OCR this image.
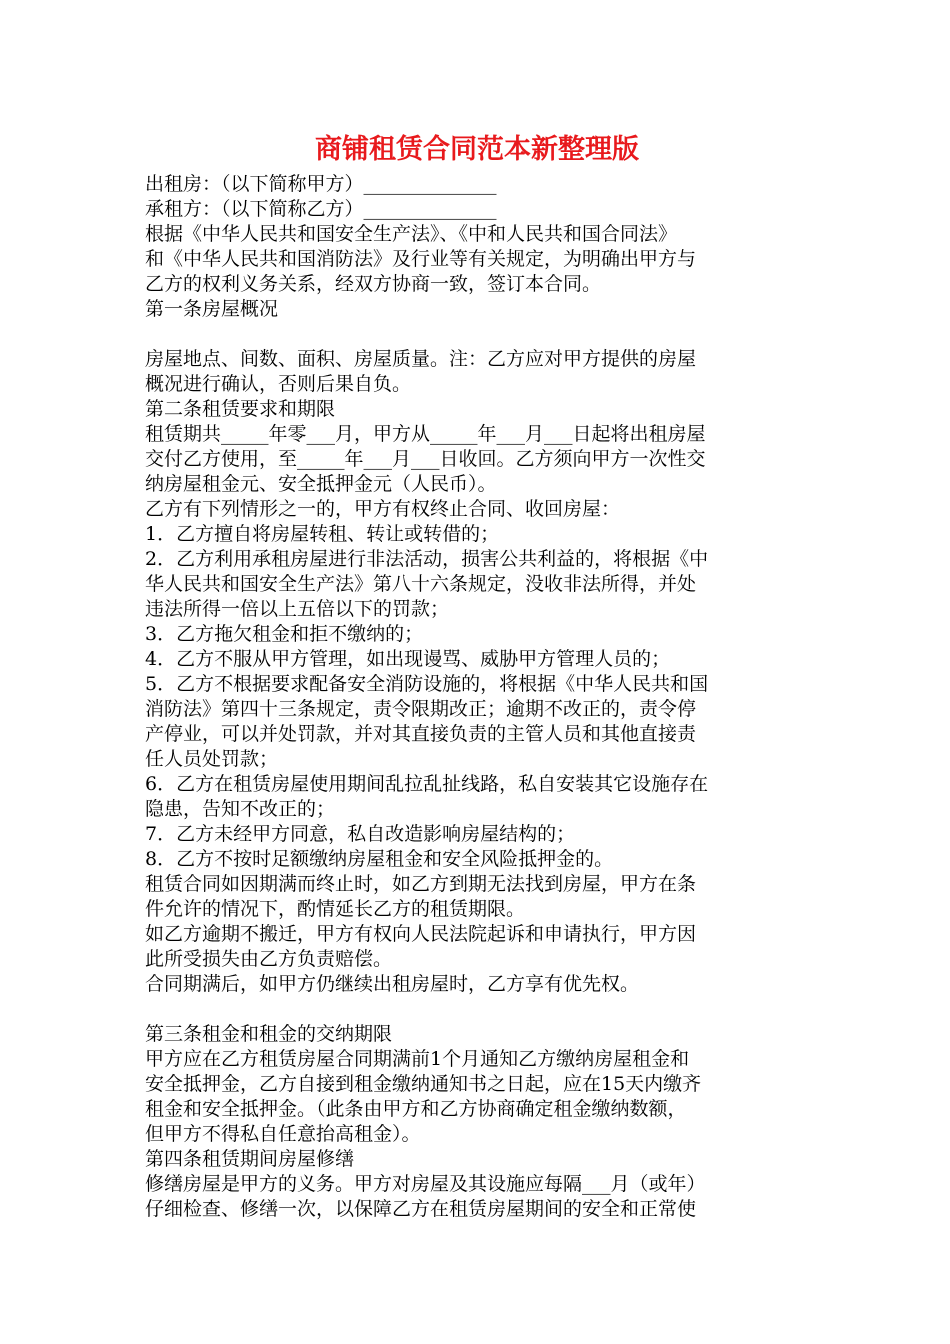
商铺租赁合同范本新整理版
出租房：（以下简称甲方）______________
承租方：（以下简称乙方）______________
根据《中华人民共和国安全生产法》、《中和人民共和国合同法》
和《中华人民共和国消防法》及行业等有关规定，为明确出甲方与
乙方的权利义务关系，经双方协商一致，签订本合同。
第一条房屋概况
房屋地点、间数、面积、房屋质量。注：乙方应对甲方提供的房屋
概况进行确认，否则后果自负。
第二条租赁要求和期限
租赁期共_____年零___月，甲方从_____年___月___日起将出租房屋
交付乙方使用，至_____年___月___日收回。乙方须向甲方一次性交
纳房屋租金元、安全抵押金元（人民币）。
乙方有下列情形之一的，甲方有权终止合同、收回房屋：
1．乙方擅自将房屋转租、转让或转借的；
2．乙方利用承租房屋进行非法活动，损害公共利益的，将根据《中
华人民共和国安全生产法》第八十六条规定，没收非法所得，并处
违法所得一倍以上五倍以下的罚款；
3．乙方拖欠租金和拒不缴纳的；
4．乙方不服从甲方管理，如出现谩骂、威胁甲方管理人员的；
5．乙方不根据要求配备安全消防设施的，将根据《中华人民共和国
消防法》第四十三条规定，责令限期改正；逾期不改正的，责令停
产停业，可以并处罚款，并对其直接负责的主管人员和其他直接责
任人员处罚款；
6．乙方在租赁房屋使用期间乱拉乱扯线路，私自安装其它设施存在
隐患，告知不改正的；
7．乙方未经甲方同意，私自改造影响房屋结构的；
8．乙方不按时足额缴纳房屋租金和安全风险抵押金的。
租赁合同如因期满而终止时，如乙方到期无法找到房屋，甲方在条
件允许的情况下，酌情延长乙方的租赁期限。
如乙方逾期不搬迁，甲方有权向人民法院起诉和申请执行，甲方因
此所受损失由乙方负责赔偿。
合同期满后，如甲方仍继续出租房屋时，乙方享有优先权。
第三条租金和租金的交纳期限
甲方应在乙方租赁房屋合同期满前1个月通知乙方缴纳房屋租金和
安全抵押金，乙方自接到租金缴纳通知书之日起，应在15天内缴齐
租金和安全抵押金。（此条由甲方和乙方协商确定租金缴纳数额，
但甲方不得私自任意抬高租金）。
第四条租赁期间房屋修缮
修缮房屋是甲方的义务。甲方对房屋及其设施应每隔___月（或年）
仔细检查、修缮一次，以保障乙方在租赁房屋期间的安全和正常使
